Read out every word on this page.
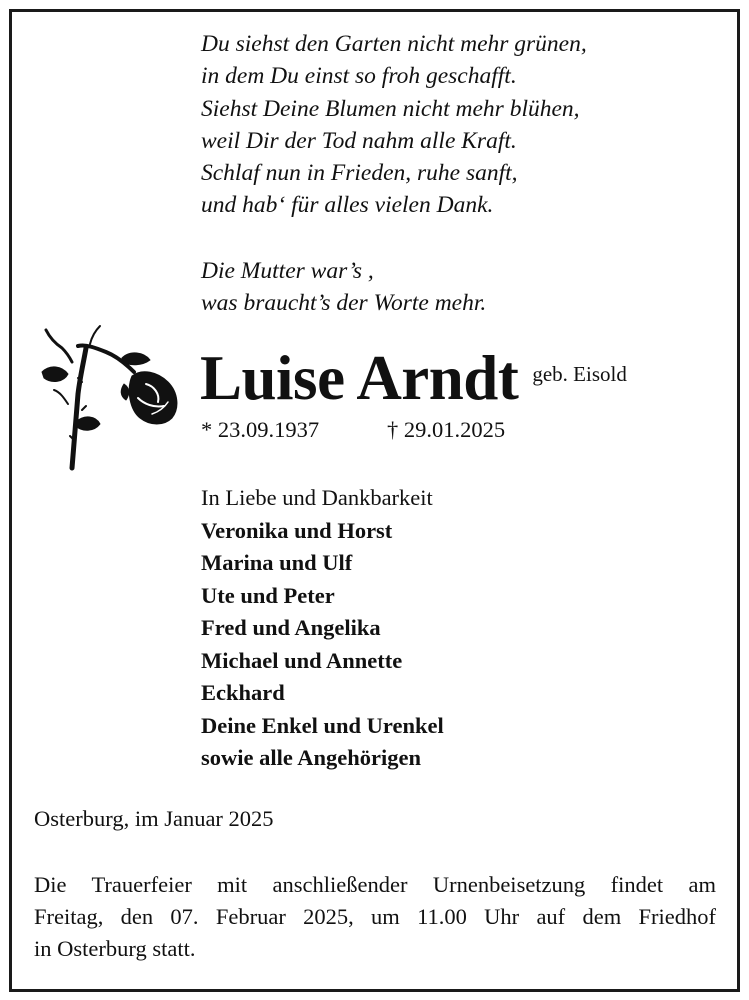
Du siehst den Garten nicht mehr grünen,
in dem Du einst so froh geschafft.
Siehst Deine Blumen nicht mehr blühen,
weil Dir der Tod nahm alle Kraft.
Schlaf nun in Frieden, ruhe sanft,
und hab‘ für alles vielen Dank.
Die Mutter war’s ,
was braucht’s der Worte mehr.
Luise Arndt geb. Eisold
* 23.09.1937	† 29.01.2025
In Liebe und Dankbarkeit
Veronika und Horst
Marina und Ulf
Ute und Peter
Fred und Angelika
Michael und Annette
Eckhard
Deine Enkel und Urenkel
sowie alle Angehörigen
Osterburg, im Januar 2025
Die Trauerfeier mit anschließender Urnenbeisetzung findet am
Freitag, den 07. Februar 2025, um 11.00 Uhr auf dem Friedhof
in Osterburg statt.
